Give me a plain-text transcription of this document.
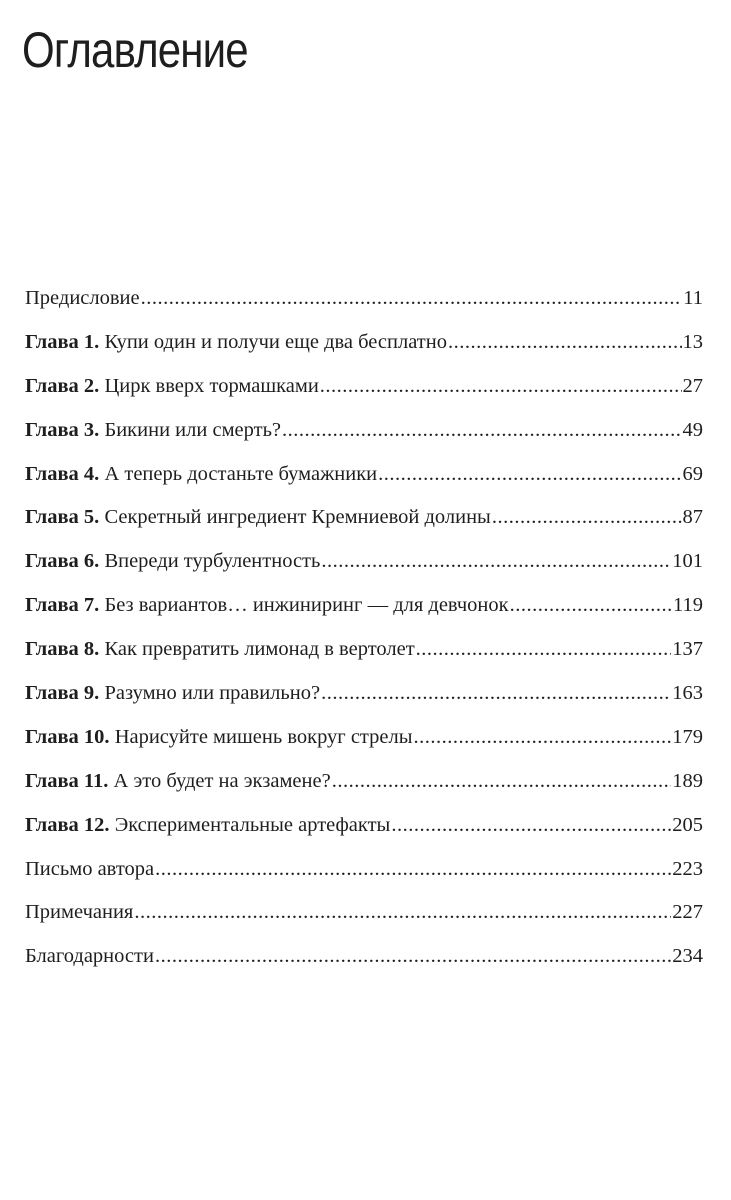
Оглавление
Предисловие .....	11
Глава 1. Купи один и получи еще два бесплатно .....	13
Глава 2. Цирк вверх тормашками .....	27
Глава 3. Бикини или смерть? .....	49
Глава 4. А теперь достаньте бумажники .....	69
Глава 5. Секретный ингредиент Кремниевой долины .....	87
Глава 6. Впереди турбулентность .....	101
Глава 7. Без вариантов… инжиниринг — для девчонок .....	119
Глава 8. Как превратить лимонад в вертолет .....	137
Глава 9. Разумно или правильно? .....	163
Глава 10. Нарисуйте мишень вокруг стрелы .....	179
Глава 11. А это будет на экзамене? .....	189
Глава 12. Экспериментальные артефакты .....	205
Письмо автора .....	223
Примечания .....	227
Благодарности .....	234
